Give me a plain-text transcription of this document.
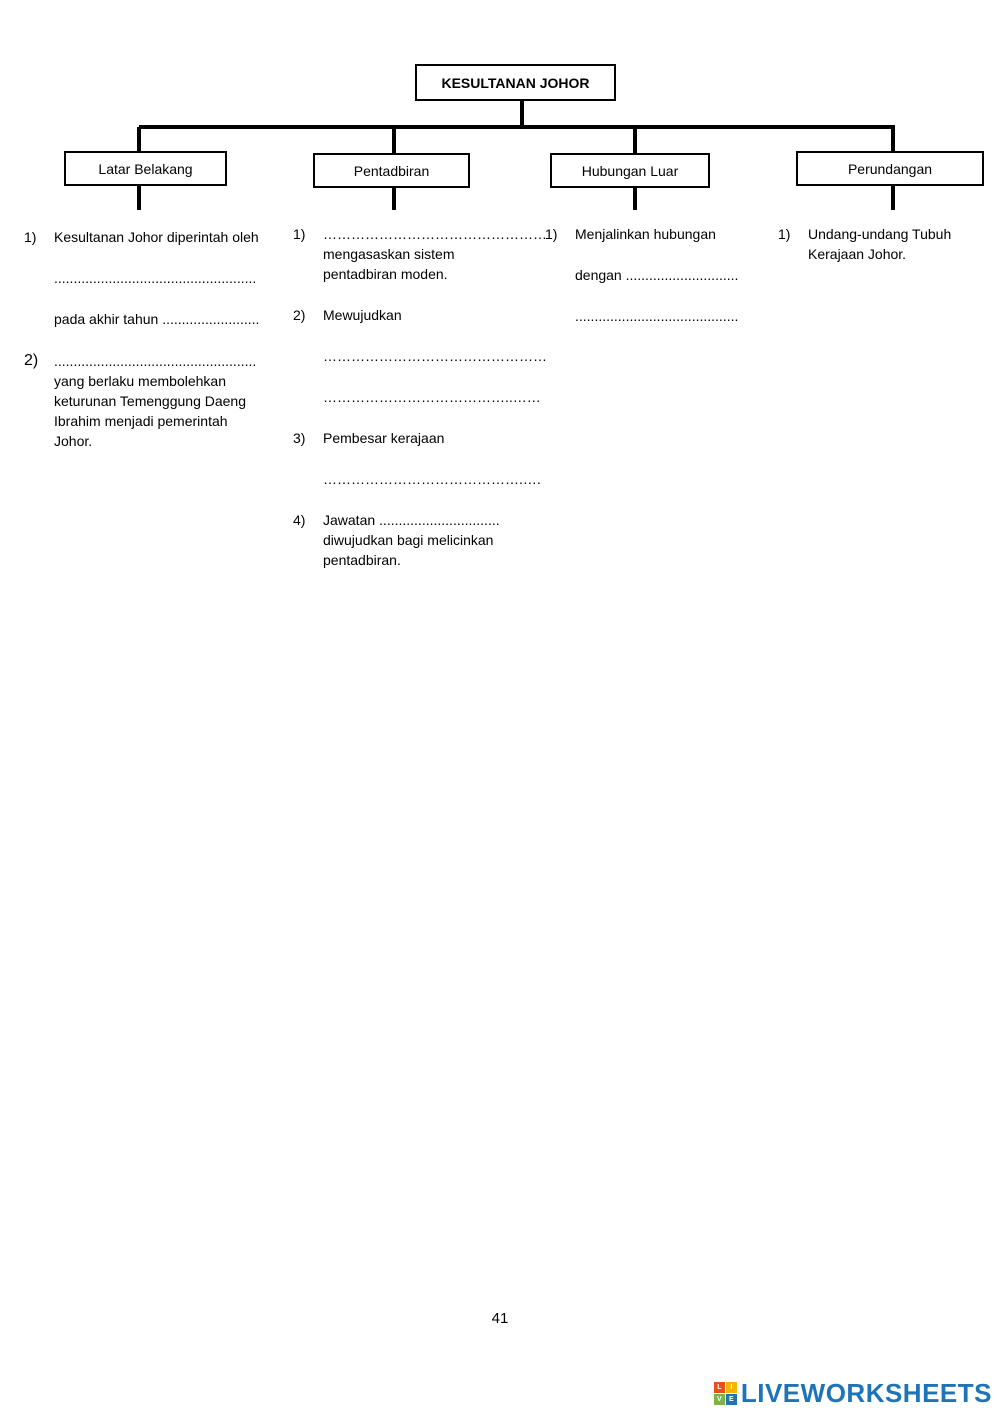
KESULTANAN JOHOR
Latar Belakang	Pentadbiran	Hubungan Luar	Perundangan
1) Kesultanan Johor diperintah oleh
....................................................
pada akhir tahun .........................
2) ....................................................
yang berlaku membolehkan
keturunan Temenggung Daeng
Ibrahim menjadi pemerintah
Johor.
1) …………………………………………
mengasaskan sistem
pentadbiran moden.
2) Mewujudkan
…………………………………………
…………………………………..……
3) Pembesar kerajaan
…………………………………….….
4) Jawatan ...............................
diwujudkan bagi melicinkan
pentadbiran.
1) Menjalinkan hubungan
dengan .............................
..........................................
1) Undang-undang Tubuh
Kerajaan Johor.
41
L	I
V	E LIVEWORKSHEETS
